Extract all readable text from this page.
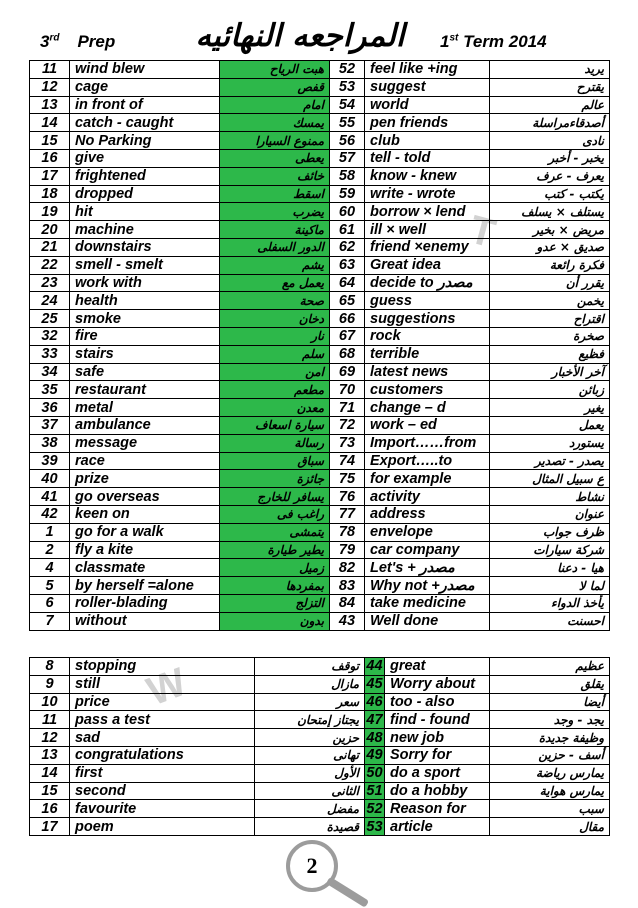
3rd Prep	المراجعه النهائيه	1st Term 2014
W
T
11	wind blew	هبت الرياح	52	feel like +ing	يريد
12	cage	قفص	53	suggest	يقترح
13	in front of	امام	54	world	عالم
14	catch - caught	يمسك	55	pen friends	أصدقاءمراسلة
15	No Parking	ممنوع السيارا	56	club	نادى
16	give	يعطى	57	tell - told	يخبر - أخبر
17	frightened	خائف	58	know - knew	يعرف - عرف
18	dropped	اسقط	59	write - wrote	يكتب - كتب
19	hit	يضرب	60	borrow × lend	يستلف × يسلف
20	machine	ماكينة	61	ill × well	مريض × بخير
21	downstairs	الدور السفلى	62	friend ×enemy	صديق × عدو
22	smell - smelt	يشم	63	Great idea	فكرة رائعة
23	work with	يعمل مع	64	decide to مصدر	يقرر أن
24	health	صحة	65	guess	يخمن
25	smoke	دخان	66	suggestions	اقتراح
32	fire	نار	67	rock	صخرة
33	stairs	سلم	68	terrible	فظيع
34	safe	امن	69	latest news	آخر الأخبار
35	restaurant	مطعم	70	customers	زبائن
36	metal	معدن	71	change – d	يغير
37	ambulance	سيارة اسعاف	72	work – ed	يعمل
38	message	رسالة	73	Import……from	يستورد
39	race	سباق	74	Export…..to	يصدر - تصدير
40	prize	جائزة	75	for example	ع سبيل المثال
41	go overseas	يسافر للخارج	76	activity	نشاط
42	keen on	راغب فى	77	address	عنوان
1	go for a walk	يتمشى	78	envelope	ظرف جواب
2	fly a kite	يطير طيارة	79	car company	شركة سيارات
4	classmate	زميل	82	Let's + مصدر	هيا - دعنا
5	by herself =alone	بمفردها	83	Why not +مصدر	لما لا
6	roller-blading	التزلج	84	take medicine	يأخذ الدواء
7	without	بدون	43	Well done	احسنت
8	stopping	توقف	44	great	عظيم
9	still	مازال	45	Worry about	يقلق
10	price	سعر	46	too - also	أيضا
11	pass a test	يجتاز إمتحان	47	find - found	يجد - وجد
12	sad	حزين	48	new job	وظيفة جديدة
13	congratulations	تهانى	49	Sorry for	أسف - حزين
14	first	الأول	50	do a sport	يمارس رياضة
15	second	الثانى	51	do a hobby	يمارس هواية
16	favourite	مفضل	52	Reason for	سبب
17	poem	قصيدة	53	article	مقال
2
